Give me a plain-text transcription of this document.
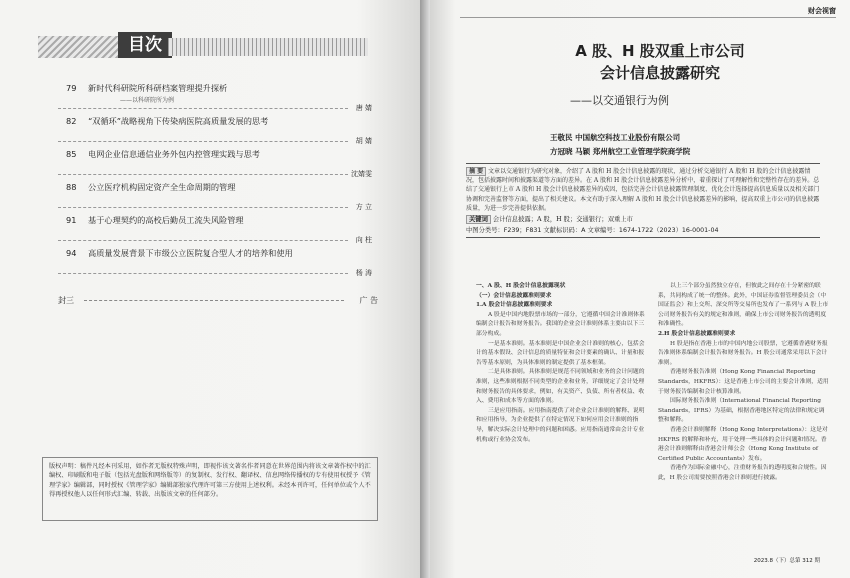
目次
79	新时代科研院所科研档案管理提升探析
——以科研院所为例
唐 婧
82	“双循环”战略视角下传染病医院高质量发展的思考
胡 婧
85	电网企业信息通信业务外包内控管理实践与思考
沈婧雯
88	公立医疗机构固定资产全生命周期的管理
方 立
91	基于心理契约的高校后勤员工流失风险管理
向 柱
94	高质量发展背景下市级公立医院复合型人才的培养和使用
杨 涛
封三	广 告
版权声明：稿件凡经本刊采用，如作者无版权特殊声明，即视作该文著名作者同意在世界范围内将该文章著作权中的汇编权、印刷版和电子版（包括光盘版和网络版等）的复制权、发行权、翻译权、信息网络传播权的专有使用权授予《管理学家》编辑部，同时授权《管理学家》编辑部独家代理许可第三方使用上述权利。未经本刊许可，任何单位或个人不得再授权他人以任何形式汇编、转载、出版该文章的任何部分。
财会视窗
A 股、H 股双重上市公司
会计信息披露研究
——以交通银行为例
王敬民 中国航空科技工业股份有限公司
方冠晓 马颖 郑州航空工业管理学院商学院
摘 要 文章以交通银行为研究对象，介绍了 A 股和 H 股会计信息披露的现状，通过分析交通银行 A 股和 H 股的会计信息披露情况，包括披露时间和披露渠道等方面的差异。在 A 股和 H 股会计信息披露差异分析中，着重探讨了可理解性和完整性存在的差异。总结了交通银行上市 A 股和 H 股会计信息披露差异的成因，包括完善会计信息披露管理制度、优化会计选择提高信息质量以及相关部门协调和完善监督等方面，提出了相关建议。本文有助于深入理解 A 股和 H 股会计信息披露差异的影响，提高双重上市公司的信息披露质量，为进一步完善提供依据。
关键词 会计信息披露；A 股，H 股；交通银行；双重上市
中图分类号：F239；F831 文献标识码：A 文章编号：1674-1722（2023）16-0001-04

一、A 股、H 股会计信息披露现状

（一）会计信息披露准则要求

1.A 股会计信息披露准则要求

A 股是中国内地股票市场的一部分，它遵循中国会计准则体系编制会计报告和财务报告。我国的企业会计准则体系主要由以下三部分构成。

一是基本准则。基本准则是中国企业会计准则的核心，包括会计的基本假设、会计信息的质量特征和会计要素的确认、计量和报告等基本原则，为具体准则的制定提供了基本框架。

二是具体准则。具体准则是规范不同领域和业务的会计问题的准则，这些准则根据不同类型的企业和业务，详细规定了会计处理和财务报告的具体要求，例如，有关资产、负债、所有者权益、收入、费用和成本等方面的准则。

三是应用指南。应用指南提供了对企业会计准则的解释、说明和应用指导，为企业提供了在特定情况下如何应用会计准则的指导，解决实际会计处理中的问题和困惑。应用指南通常由会计专业机构或行业协会发布。

以上三个部分虽然独立存在，但彼此之间存在十分紧密的联系，共同构成了统一的整体。此外，中国证券监督管理委员会（中国证监会）和上交所、深交所等交易所也发布了一系列与 A 股上市公司财务报告有关的规定和准则，确保上市公司财务报告的透明度和准确性。

2.H 股会计信息披露准则要求

H 股是指在香港上市的中国内地公司股票，它遵循香港财务报告准则体系编制会计报告和财务报告。H 股公司通常采用以下会计准则。

香港财务报告准则（Hong Kong Financial Reporting Standards，HKFRS）：这是香港上市公司的主要会计准则，适用于财务报告编制和会计核算准则。

国际财务报告准则（International Financial Reporting Standards，IFRS）为基础，根据香港地区特定的法律和规定调整和解释。

香港会计准则解释（Hong Kong Interpretations）：这是对 HKFRS 的解释和补充，用于处理一些具体的会计问题和情况。香港会计准则解释由香港会计师公会（Hong Kong Institute of Certified Public Accountants）发布。

香港作为国际金融中心，注重财务报告的透明度和合规性。因此，H 股公司需要按照香港会计准则进行披露。

2023.8（下）总第 312 期
